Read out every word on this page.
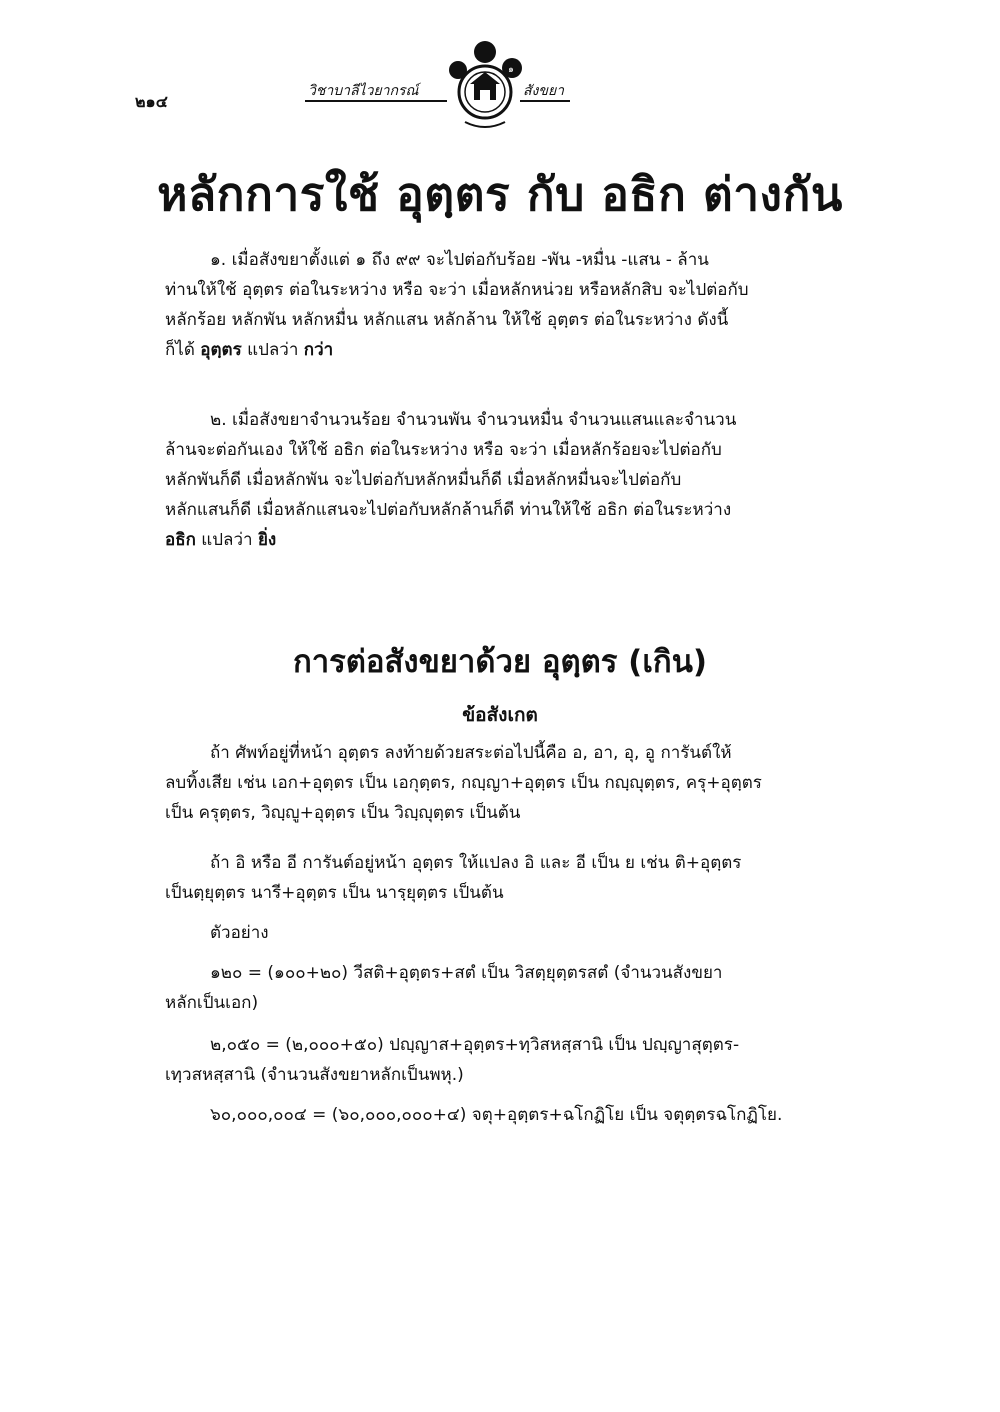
๒๑๔
วิชาบาลีไวยากรณ์
๑
สังขยา
หลักการใช้ อุตฺตร กับ อธิก ต่างกัน
๑. เมื่อสังขยาตั้งแต่ ๑ ถึง ๙๙ จะไปต่อกับร้อย -พัน -หมื่น -แสน - ล้าน
ท่านให้ใช้ อุตฺตร ต่อในระหว่าง หรือ จะว่า เมื่อหลักหน่วย หรือหลักสิบ จะไปต่อกับ
หลักร้อย หลักพัน หลักหมื่น หลักแสน หลักล้าน ให้ใช้ อุตฺตร ต่อในระหว่าง ดังนี้
ก็ได้ อุตฺตร แปลว่า กว่า
๒. เมื่อสังขยาจำนวนร้อย จำนวนพัน จำนวนหมื่น จำนวนแสนและจำนวน
ล้านจะต่อกันเอง ให้ใช้ อธิก ต่อในระหว่าง หรือ จะว่า เมื่อหลักร้อยจะไปต่อกับ
หลักพันก็ดี เมื่อหลักพัน จะไปต่อกับหลักหมื่นก็ดี เมื่อหลักหมื่นจะไปต่อกับ
หลักแสนก็ดี เมื่อหลักแสนจะไปต่อกับหลักล้านก็ดี ท่านให้ใช้ อธิก ต่อในระหว่าง
อธิก แปลว่า ยิ่ง
การต่อสังขยาด้วย อุตฺตร (เกิน)
ข้อสังเกต
ถ้า ศัพท์อยู่ที่หน้า อุตฺตร ลงท้ายด้วยสระต่อไปนี้คือ อ, อา, อุ, อู การันต์ให้
ลบทิ้งเสีย เช่น เอก+อุตฺตร เป็น เอกุตฺตร, กญฺญา+อุตฺตร เป็น กญฺญุตฺตร, ครุ+อุตฺตร
เป็น ครุตฺตร, วิญฺญู+อุตฺตร เป็น วิญฺญุตฺตร เป็นต้น
ถ้า อิ หรือ อี การันต์อยู่หน้า อุตฺตร ให้แปลง อิ และ อี เป็น ย เช่น ติ+อุตฺตร
เป็นตฺยุตฺตร นารี+อุตฺตร เป็น นารฺยุตฺตร เป็นต้น
ตัวอย่าง
๑๒๐ = (๑๐๐+๒๐) วีสติ+อุตฺตร+สตํ เป็น วิสตฺยุตฺตรสตํ (จำนวนสังขยา
หลักเป็นเอก)
๒,๐๕๐ = (๒,๐๐๐+๕๐) ปญฺญาส+อุตฺตร+ทฺวิสหสฺสานิ เป็น ปญฺญาสุตฺตร-
เทฺวสหสฺสานิ (จำนวนสังขยาหลักเป็นพหุ.)
๖๐,๐๐๐,๐๐๔ = (๖๐,๐๐๐,๐๐๐+๔) จตุ+อุตฺตร+ฉโกฏิโย เป็น จตุตฺตรฉโกฏิโย.
